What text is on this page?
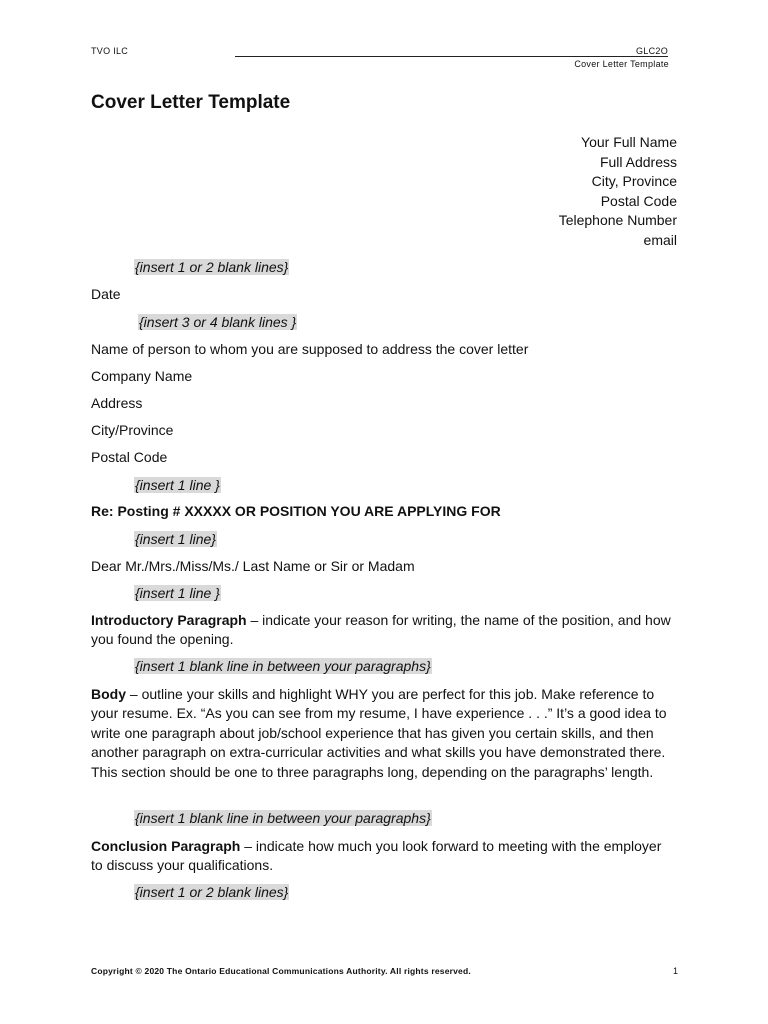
TVO ILC	GLC2O
Cover Letter Template
Cover Letter Template
Your Full Name
Full Address
City, Province
Postal Code
Telephone Number
email
{insert 1 or 2 blank lines}
Date
{insert 3 or 4 blank lines }
Name of person to whom you are supposed to address the cover letter
Company Name
Address
City/Province
Postal Code
{insert 1 line }
Re: Posting # XXXXX OR POSITION YOU ARE APPLYING FOR
{insert 1 line}
Dear Mr./Mrs./Miss/Ms./ Last Name or Sir or Madam
{insert 1 line }
Introductory Paragraph – indicate your reason for writing, the name of the position, and how you found the opening.
{insert 1 blank line in between your paragraphs}
Body – outline your skills and highlight WHY you are perfect for this job. Make reference to your resume. Ex. “As you can see from my resume, I have experience . . .” It’s a good idea to write one paragraph about job/school experience that has given you certain skills, and then another paragraph on extra-curricular activities and what skills you have demonstrated there. This section should be one to three paragraphs long, depending on the paragraphs’ length.
{insert 1 blank line in between your paragraphs}
Conclusion Paragraph – indicate how much you look forward to meeting with the employer to discuss your qualifications.
{insert 1 or 2 blank lines}
Copyright © 2020 The Ontario Educational Communications Authority. All rights reserved.	1
